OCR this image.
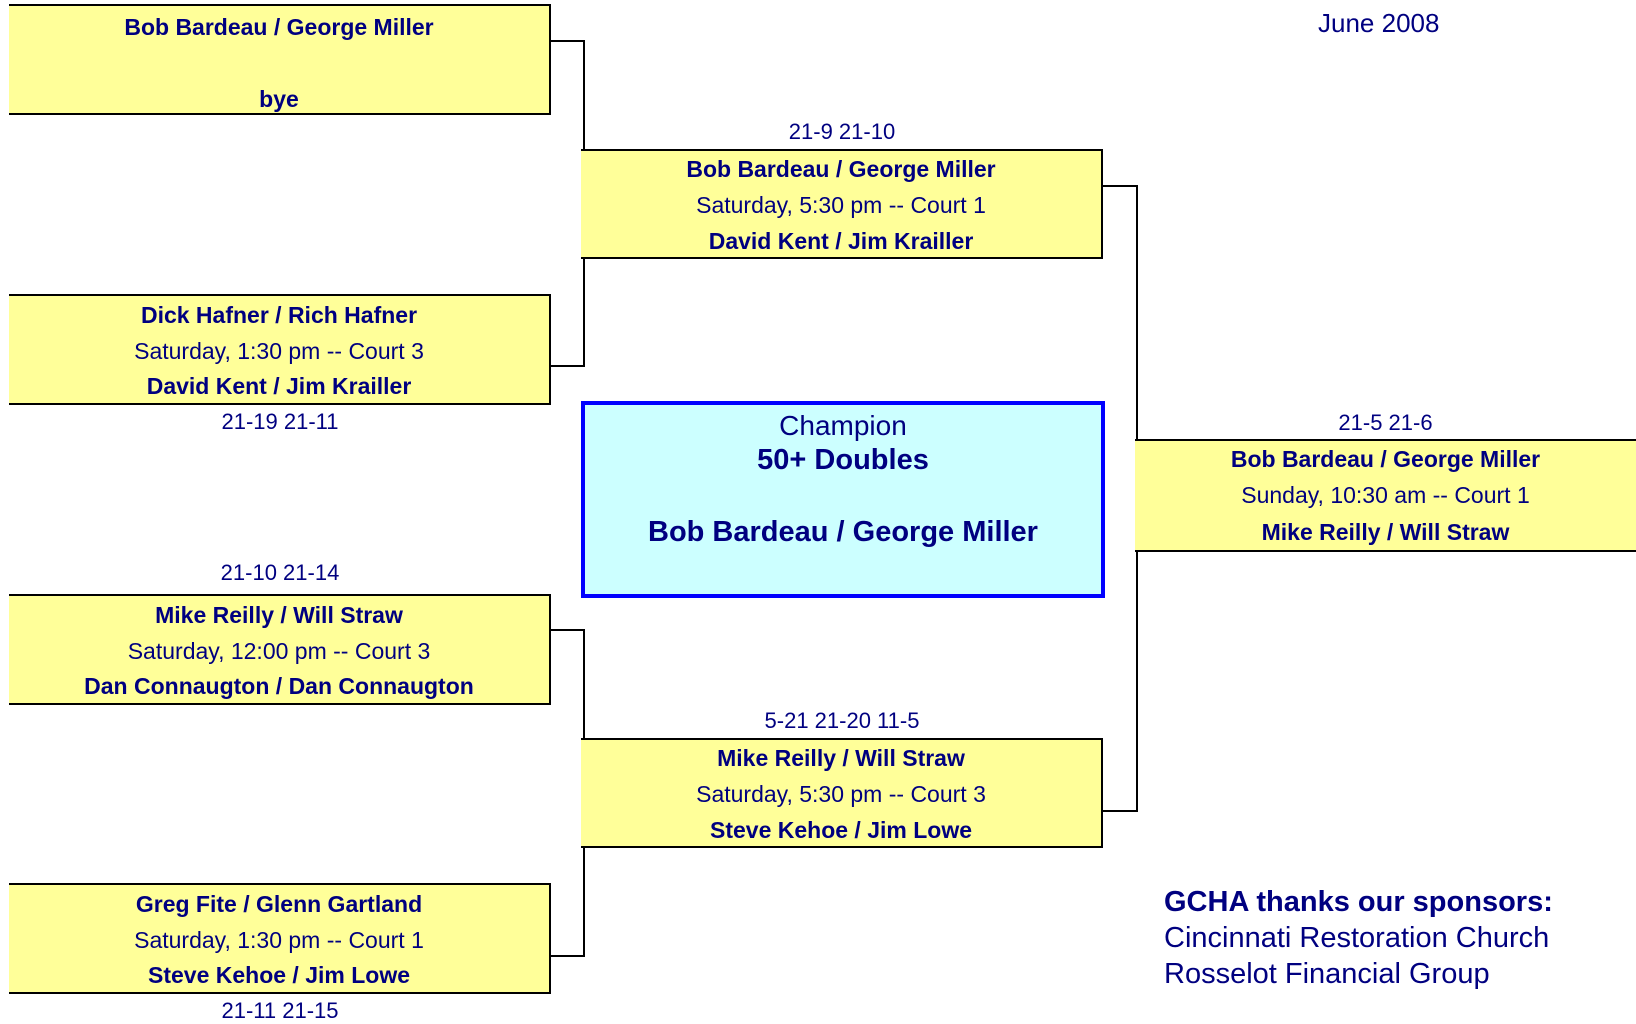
June 2008
Bob Bardeau / George Miller
bye
Dick Hafner / Rich Hafner
Saturday, 1:30 pm -- Court 3
David Kent / Jim Krailler
21-19 21-11
21-10 21-14
Mike Reilly / Will Straw
Saturday, 12:00 pm -- Court 3
Dan Connaugton / Dan Connaugton
Greg Fite / Glenn Gartland
Saturday, 1:30 pm -- Court 1
Steve Kehoe / Jim Lowe
21-11 21-15
21-9 21-10
Bob Bardeau / George Miller
Saturday, 5:30 pm -- Court 1
David Kent / Jim Krailler
5-21 21-20 11-5
Mike Reilly / Will Straw
Saturday, 5:30 pm -- Court 3
Steve Kehoe / Jim Lowe
21-5 21-6
Bob Bardeau / George Miller
Sunday, 10:30 am -- Court 1
Mike Reilly / Will Straw
Champion
50+ Doubles
Bob Bardeau / George Miller
GCHA thanks our sponsors:
Cincinnati Restoration Church
Rosselot Financial Group
